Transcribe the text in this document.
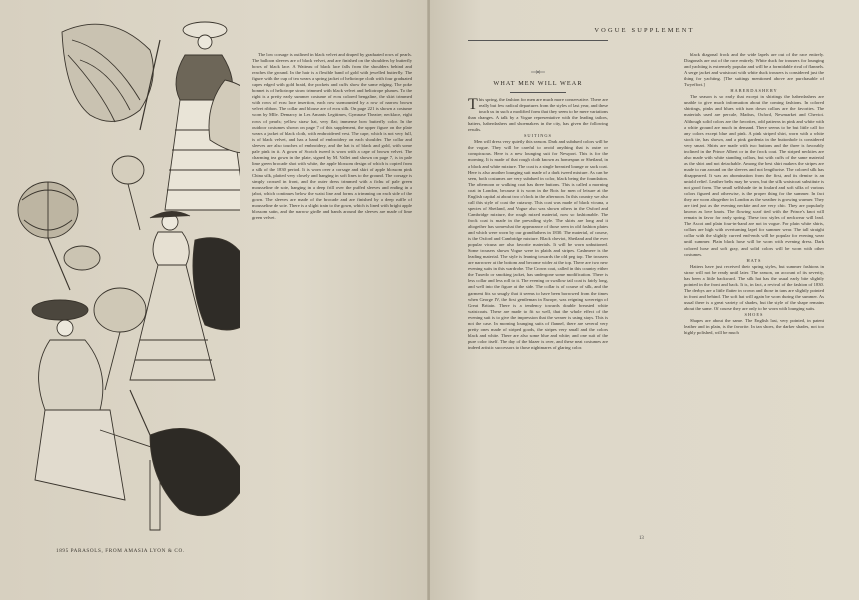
1895 PARASOLS, FROM AMASIA LYON & CO.

The low corsage is outlined in black velvet and draped by graduated rows of pearls. The balloon sleeves are of black velvet, and are finished on the shoulders by butterfly bows of black lace. A Watteau of black lace falls from the shoulders behind and reaches the ground. In the hair is a flexible band of gold with jewelled butterfly. The figure with the cup of tea wears a spring jacket of heliotrope cloth with four graduated capes edged with gold braid, the pockets and cuffs show the same edging. The poke bonnet is of heliotrope straw trimmed with black velvet and heliotrope plumes. To the right is a pretty early summer costume of ecru colored bengaline, the skirt trimmed with rows of ecru lace insertion, each row surmounted by a row of narrow brown velvet ribbon. The collar and blouse are of ecru silk. On page 221 is shown a costume worn by Mlle. Demarcy in Les Amants Legitimes, Gymnase Theatre; necklace, eight rows of pearls; yellow straw hat, very flat; immense bow butterfly color. In the outdoor costumes shown on page 7 of this supplement, the upper figure on the plate wears a jacket of black cloth, with embroidered vest. The cape, which is not very full, is of black velvet, and has a band of embroidery on each shoulder. The collar and sleeves are also touches of embroidery, and the hat is of black and gold, with some pale pink in it. A gown of Scotch tweed is worn with a cape of brown velvet. The charming tea gown in the plate, signed by M. Vallet and shown on page 7, is in pale lime green brocade shot with white, the apple blossom design of which is copied from a silk of the 1830 period. It is worn over a corsage and skirt of apple blossom pink China silk, plaited very closely and hanging in soft lines to the ground. The corsage is simply crossed in front, and the outer dress trimmed with a fichu of pale green mousseline de soie, hanging in a deep frill over the puffed sleeves and ending in a jabot, which continues below the waist line and forms a trimming on each side of the gown. The sleeves are made of the brocade and are finished by a deep ruffle of mousseline de soie. There is a slight train to the gown, which is lined with bright apple blossom satin, and the narrow girdle and bands around the sleeves are made of lime green velvet.

VOGUE SUPPLEMENT
WHAT MEN WILL WEAR

This spring, the fashion for men are much more conservative. There are really but few radical departures from the styles of last year, and these touch us in such a modified form that they seem to be mere variations than changes. A talk by a Vogue representative with the leading tailors, hatters, haberdashers and shoemakers in the city, has given the following results.

SUITINGS

Men will dress very quietly this season. Dark and subdued colors will be the vogue. They will be careful to avoid anything that is outre or conspicuous. Here is a new lounging suit for Newport. This is for the morning. It is made of that rough cloth known as homespun or Shetland, in a black and white mixture. The coat is a single breasted lounge or sack coat. Here is also another lounging suit made of a dark tweed mixture. As can be seen, both costumes are very subdued in color, black being the foundation. The afternoon or walking coat has three buttons. This is called a morning coat in London, because it is worn in the Bois for men of leisure at the English capital at about two o'clock in the afternoon. In this country we also call this style of coat the cutaway. This coat was made of black vicuna, a species of Shetland, and Vogue also was shown others in the Oxford and Cambridge mixture, the rough mixed material, now so fashionable. The frock coat is made in the prevailing style. The skirts are long and it altogether has somewhat the appearance of those seen in old fashion plates and which were worn by our grandfathers in 1830. The material, of course, is the Oxford and Cambridge mixture. Black cheviot, Shetland and the ever popular vicuna are also favorite materials. It will be worn unbuttoned. Some trousers shown Vogue were in plaids and stripes. Cashmere is the leading material. The style is leaning towards the old peg top. The trousers are narrower at the bottom and become wider at the top. There are two new evening suits in this wardrobe. The Crown coat, called in this country either the Tuxedo or smoking jacket, has undergone some modification. There is less collar and less roll to it. The evening or swallow tail coat is fairly long, and well into the figure at the side. The collar is of course of silk, and the garment fits so snugly that it seems to have been borrowed from the times when George IV, the first gentleman in Europe, was reigning sovereign of Great Britain. There is a tendency towards double breasted white waistcoats. These are made to fit so well, that the whole effect of the evening suit is to give the impression that the wearer is using stays. This is not the case. In morning lounging suits of flannel, there are several very pretty ones made of striped goods, the stripes very small and the colors black and white. There are also some blue and white; and one suit of the pure color itself. The day of the blazer is over, and these neat costumes are indeed artistic successors to those nightmares of glaring color.

black diagonal frock and the wide lapels are out of the race entirely. Diagonals are out of the race entirely. White duck for trousers for lounging and yachting is extremely popular and will be a formidable rival of flannels. A serge jacket and waistcoat with white duck trousers is considered just the thing for yachting. [The suitings mentioned above are purchasable of Twyeffort.]

HABERDASHERY

The season is so early that except in shirtings the haberdashers are unable to give much information about the coming fashions. In colored shirtings, pinks and blues with turn down collars are the favorites. The materials used are percale, Madras, Oxford, Newmarket and Cheviot. Although solid colors are the favorites, odd patterns in pink and white with a white ground are much in demand. There seems to be but little call for any colors except blue and pink. A pink striped shirt, worn with a white stock tie, has shown, and a pink gardenia in the buttonhole is considered very smart. Shirts are made with two buttons and the three is favorably inclined in the Prince Albert or in the frock coat. The striped neckties are also made with white standing collars, but with cuffs of the same material as the shirt and not detachable. Among the best shirt makers the stripes are made to run around on the sleeves and not lengthwise. The colored silk has disappeared. It was an abomination from the first, and its demise is an untold relief. Leather belts may be worn, but the silk waistcoat substitute is not good form. The small selfshade tie in foulard and soft silks of various colors figured and otherwise, is the proper thing for the summer. In fact they are worn altogether in London as the weather is growing warmer. They are tied just as the evening necktie and are very chic. They are popularly known as love knots. The flowing scarf tied with the Prince's knot will remain in favor for early spring. These two styles of neckwear will lead. The Ascot and plain four-in-hand are not in vogue. For plain white shirts, collars are high with overturning lapel for summer wear. The tall straight collar with the slightly curved end-ends will be popular for evening wear until summer. Plain black hose will be worn with evening dress. Dark colored hose and soft gray, and solid colors will be worn with other costumes.

HATS

Hatters have just received their spring styles, but summer fashions in straw will not be ready until later. The season, on account of its severity, has been a little backward. The silk hat has the usual early bite slightly pointed in the front and back. It is, in fact, a revival of the fashion of 1830. The derbys are a little flatter in crown and those in tans are slightly pointed in front and behind. The soft hat will again be worn during the summer. As usual there is a great variety of shades, but the style of the shape remains about the same. Of course they are only to be worn with lounging suits.

SHOES

Shapes are about the same. The English last, very pointed, in patent leather and in plain, is the favorite. In tan shoes, the darker shades, not too highly polished, will be much

13
